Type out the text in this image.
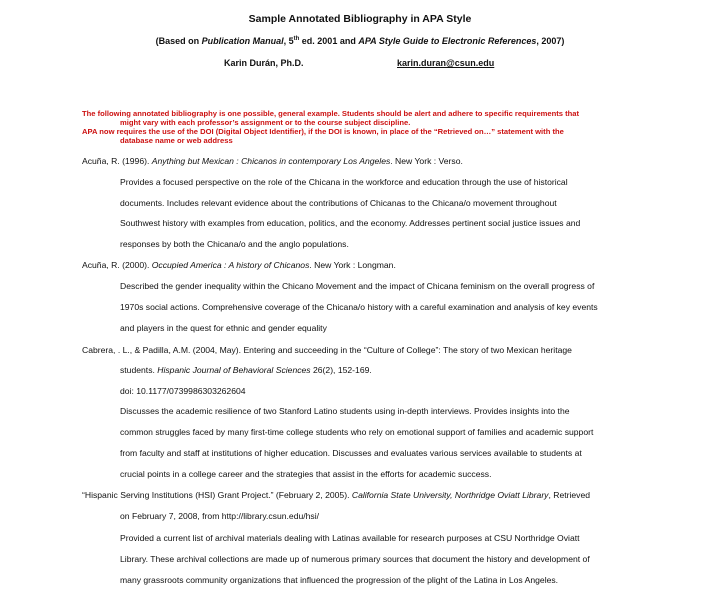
Sample Annotated Bibliography in APA Style
(Based on Publication Manual, 5th ed. 2001 and APA Style Guide to Electronic References, 2007)
Karin Durán, Ph.D.	karin.duran@csun.edu
The following annotated bibliography is one possible, general example. Students should be alert and adhere to specific requirements that
might vary with each professor’s assignment or to the course subject discipline.
APA now requires the use of the DOI (Digital Object Identifier), if the DOI is known, in place of the “Retrieved on…” statement with the
database name or web address
Acuña, R. (1996). Anything but Mexican : Chicanos in contemporary Los Angeles. New York : Verso.
Provides a focused perspective on the role of the Chicana in the workforce and education through the use of historical
documents. Includes relevant evidence about the contributions of Chicanas to the Chicana/o movement throughout
Southwest history with examples from education, politics, and the economy. Addresses pertinent social justice issues and
responses by both the Chicana/o and the anglo populations.
Acuña, R. (2000). Occupied America : A history of Chicanos. New York : Longman.
Described the gender inequality within the Chicano Movement and the impact of Chicana feminism on the overall progress of
1970s social actions. Comprehensive coverage of the Chicana/o history with a careful examination and analysis of key events
and players in the quest for ethnic and gender equality
Cabrera, . L., & Padilla, A.M. (2004, May). Entering and succeeding in the “Culture of College”: The story of two Mexican heritage
students. Hispanic Journal of Behavioral Sciences 26(2), 152-169.
doi: 10.1177/0739986303262604
Discusses the academic resilience of two Stanford Latino students using in-depth interviews. Provides insights into the
common struggles faced by many first-time college students who rely on emotional support of families and academic support
from faculty and staff at institutions of higher education. Discusses and evaluates various services available to students at
crucial points in a college career and the strategies that assist in the efforts for academic success.
“Hispanic Serving Institutions (HSI) Grant Project.” (February 2, 2005). California State University, Northridge Oviatt Library, Retrieved
on February 7, 2008, from http://library.csun.edu/hsi/
Provided a current list of archival materials dealing with Latinas available for research purposes at CSU Northridge Oviatt
Library. These archival collections are made up of numerous primary sources that document the history and development of
many grassroots community organizations that influenced the progression of the plight of the Latina in Los Angeles.
